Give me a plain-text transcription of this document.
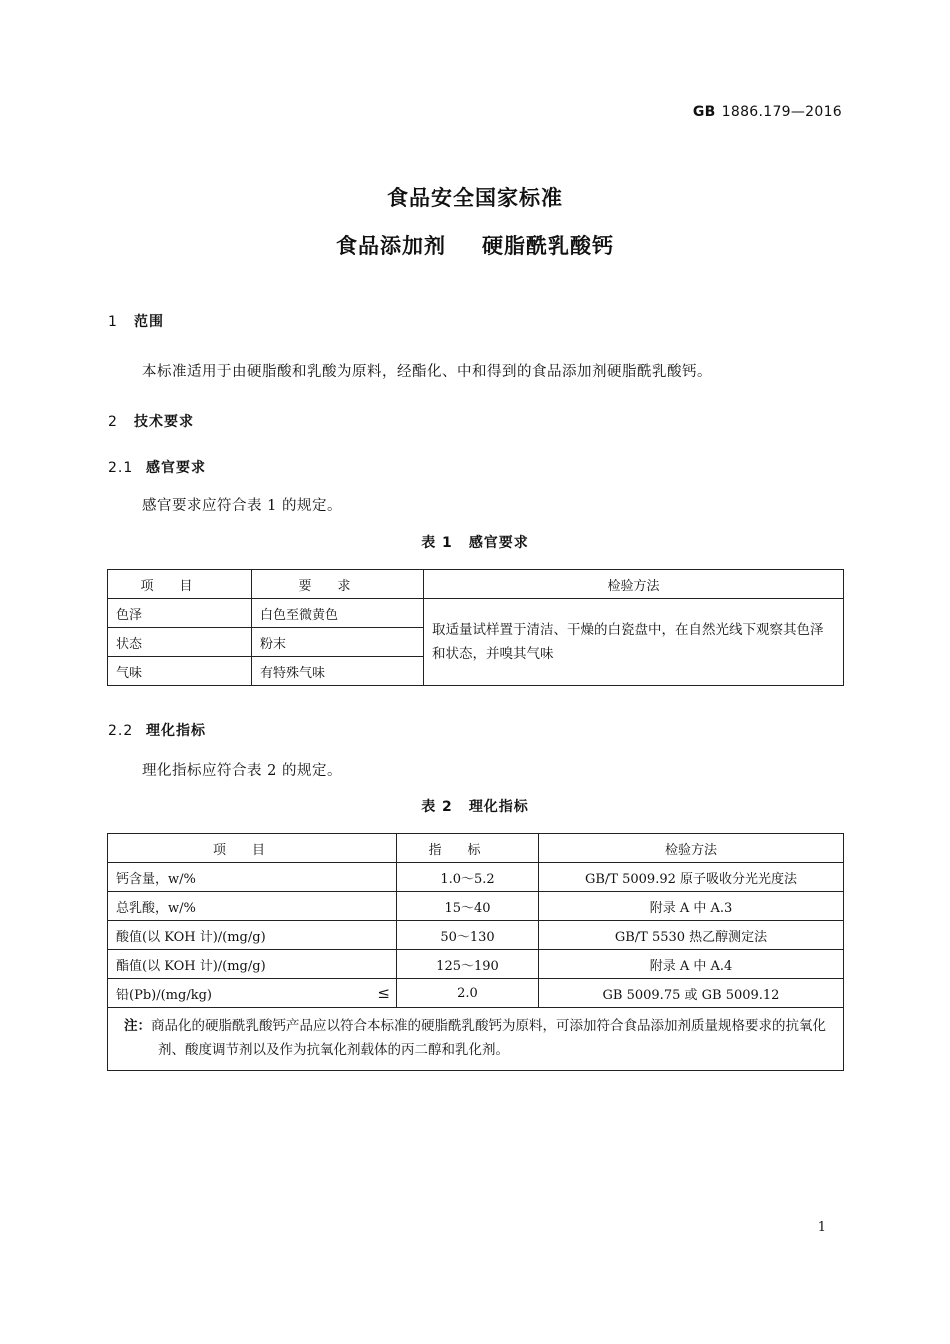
GB 1886.179—2016
食品安全国家标准
食品添加剂 硬脂酰乳酸钙
1 范围
本标准适用于由硬脂酸和乳酸为原料，经酯化、中和得到的食品添加剂硬脂酰乳酸钙。
2 技术要求
2.1 感官要求
感官要求应符合表 1 的规定。
表 1 感官要求
项目	要求	检验方法
色泽	白色至微黄色	取适量试样置于清洁、干燥的白瓷盘中，在自然光线下观察其色泽和状态，并嗅其气味
状态	粉末	
气味	有特殊气味	
2.2 理化指标
理化指标应符合表 2 的规定。
表 2 理化指标
项目	指标	检验方法
钙含量，w/%	1.0～5.2	GB/T 5009.92 原子吸收分光光度法
总乳酸，w/%	15～40	附录 A 中 A.3
酸值(以 KOH 计)/(mg/g)	50～130	GB/T 5530 热乙醇测定法
酯值(以 KOH 计)/(mg/g)	125～190	附录 A 中 A.4
铅(Pb)/(mg/kg) ≤	2.0	GB 5009.75 或 GB 5009.12

注：商品化的硬脂酰乳酸钙产品应以符合本标准的硬脂酰乳酸钙为原料，可添加符合食品添加剂质量规格要求的抗氧化剂、酸度调节剂以及作为抗氧化剂载体的丙二醇和乳化剂。		
1
